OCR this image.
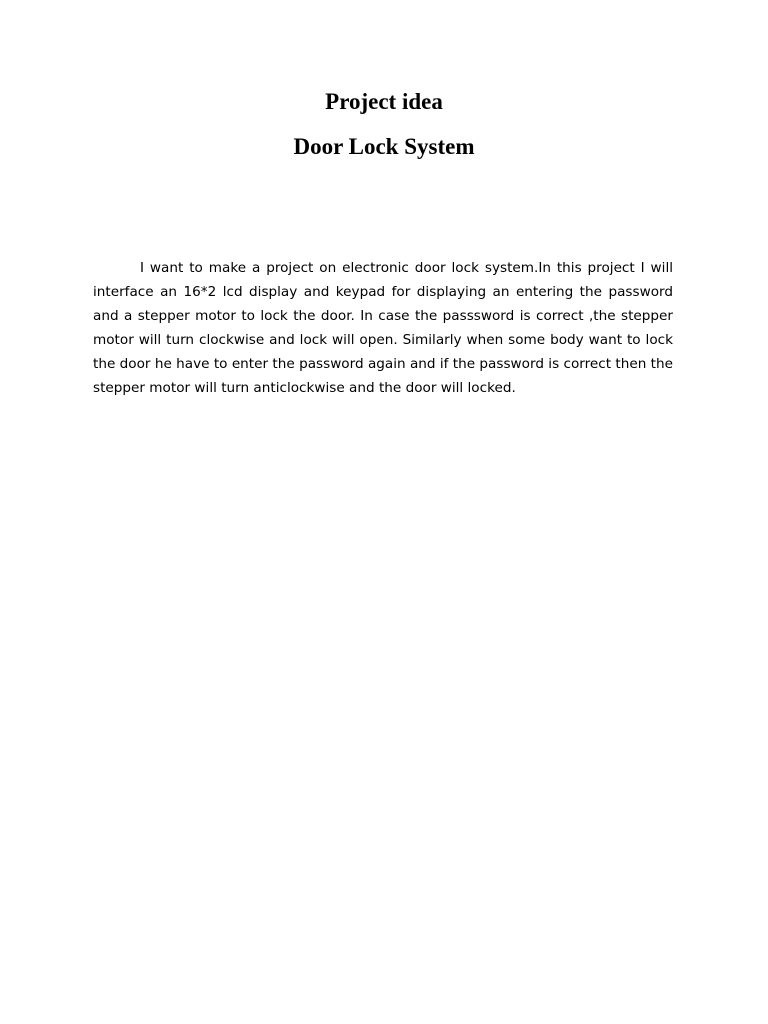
Project idea
Door Lock System

I want to make a project on electronic door lock system.In this project I will interface an 16*2 lcd display and keypad for displaying an entering the password and a stepper motor to lock the door. In case the passsword is correct ,the stepper motor will turn clockwise and lock will open. Similarly when some body want to lock the door he have to enter the password again and if the password is correct then the stepper motor will turn anticlockwise and the door will locked.
